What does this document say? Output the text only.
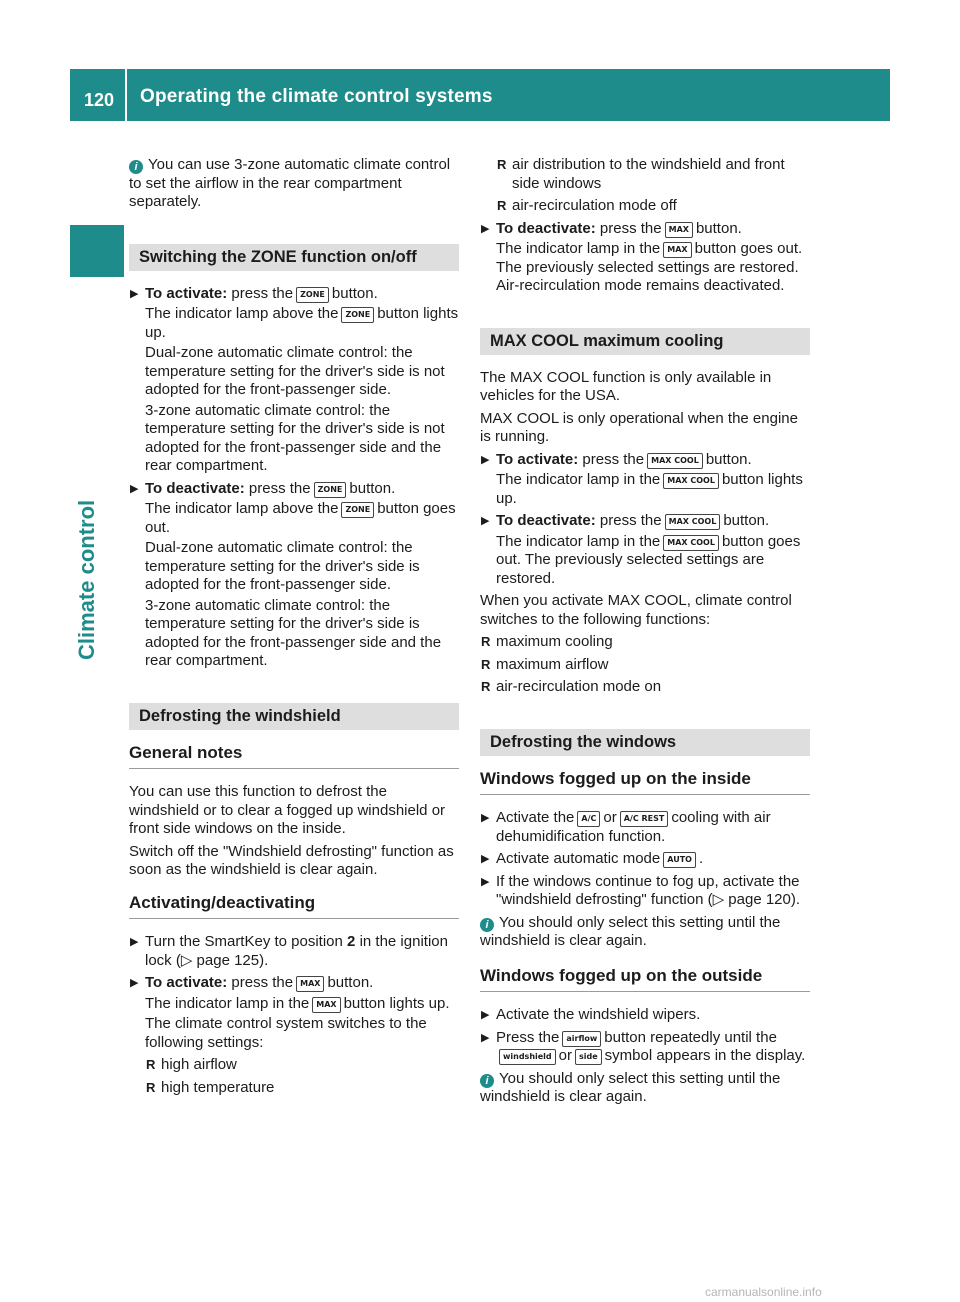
120 Operating the climate control systems
Climate control
i You can use 3-zone automatic climate control to set the airflow in the rear compartment separately.
Switching the ZONE function on/off
▶ To activate: press the ZONE button.
The indicator lamp above the ZONE button lights up.
Dual-zone automatic climate control: the temperature setting for the driver's side is not adopted for the front-passenger side.
3-zone automatic climate control: the temperature setting for the driver's side is not adopted for the front-passenger side and the rear compartment.
▶ To deactivate: press the ZONE button.
The indicator lamp above the ZONE button goes out.
Dual-zone automatic climate control: the temperature setting for the driver's side is adopted for the front-passenger side.
3-zone automatic climate control: the temperature setting for the driver's side is adopted for the front-passenger side and the rear compartment.
Defrosting the windshield
General notes

You can use this function to defrost the windshield or to clear a fogged up windshield or front side windows on the inside.

Switch off the "Windshield defrosting" function as soon as the windshield is clear again.

Activating/deactivating
▶ Turn the SmartKey to position 2 in the ignition lock (▷ page 125).
▶ To activate: press the MAX button.
The indicator lamp in the MAX button lights up.
The climate control system switches to the following settings:
R high airflow
R high temperature
R air distribution to the windshield and front side windows
R air-recirculation mode off
▶ To deactivate: press the MAX button.
The indicator lamp in the MAX button goes out. The previously selected settings are restored. Air-recirculation mode remains deactivated.
MAX COOL maximum cooling

The MAX COOL function is only available in vehicles for the USA.

MAX COOL is only operational when the engine is running.

▶ To activate: press the MAX COOL button.
The indicator lamp in the MAX COOL button lights up.
▶ To deactivate: press the MAX COOL button.
The indicator lamp in the MAX COOL button goes out. The previously selected settings are restored.

When you activate MAX COOL, climate control switches to the following functions:

R maximum cooling
R maximum airflow
R air-recirculation mode on
Defrosting the windows
Windows fogged up on the inside
▶ Activate the A/C or A/C REST cooling with air dehumidification function.
▶ Activate automatic mode AUTO .
▶ If the windows continue to fog up, activate the "windshield defrosting" function (▷ page 120).
i You should only select this setting until the windshield is clear again.
Windows fogged up on the outside
▶ Activate the windshield wipers.
▶ Press the airflow button repeatedly until the windshield or side symbol appears in the display.
i You should only select this setting until the windshield is clear again.
carmanualsonline.info
